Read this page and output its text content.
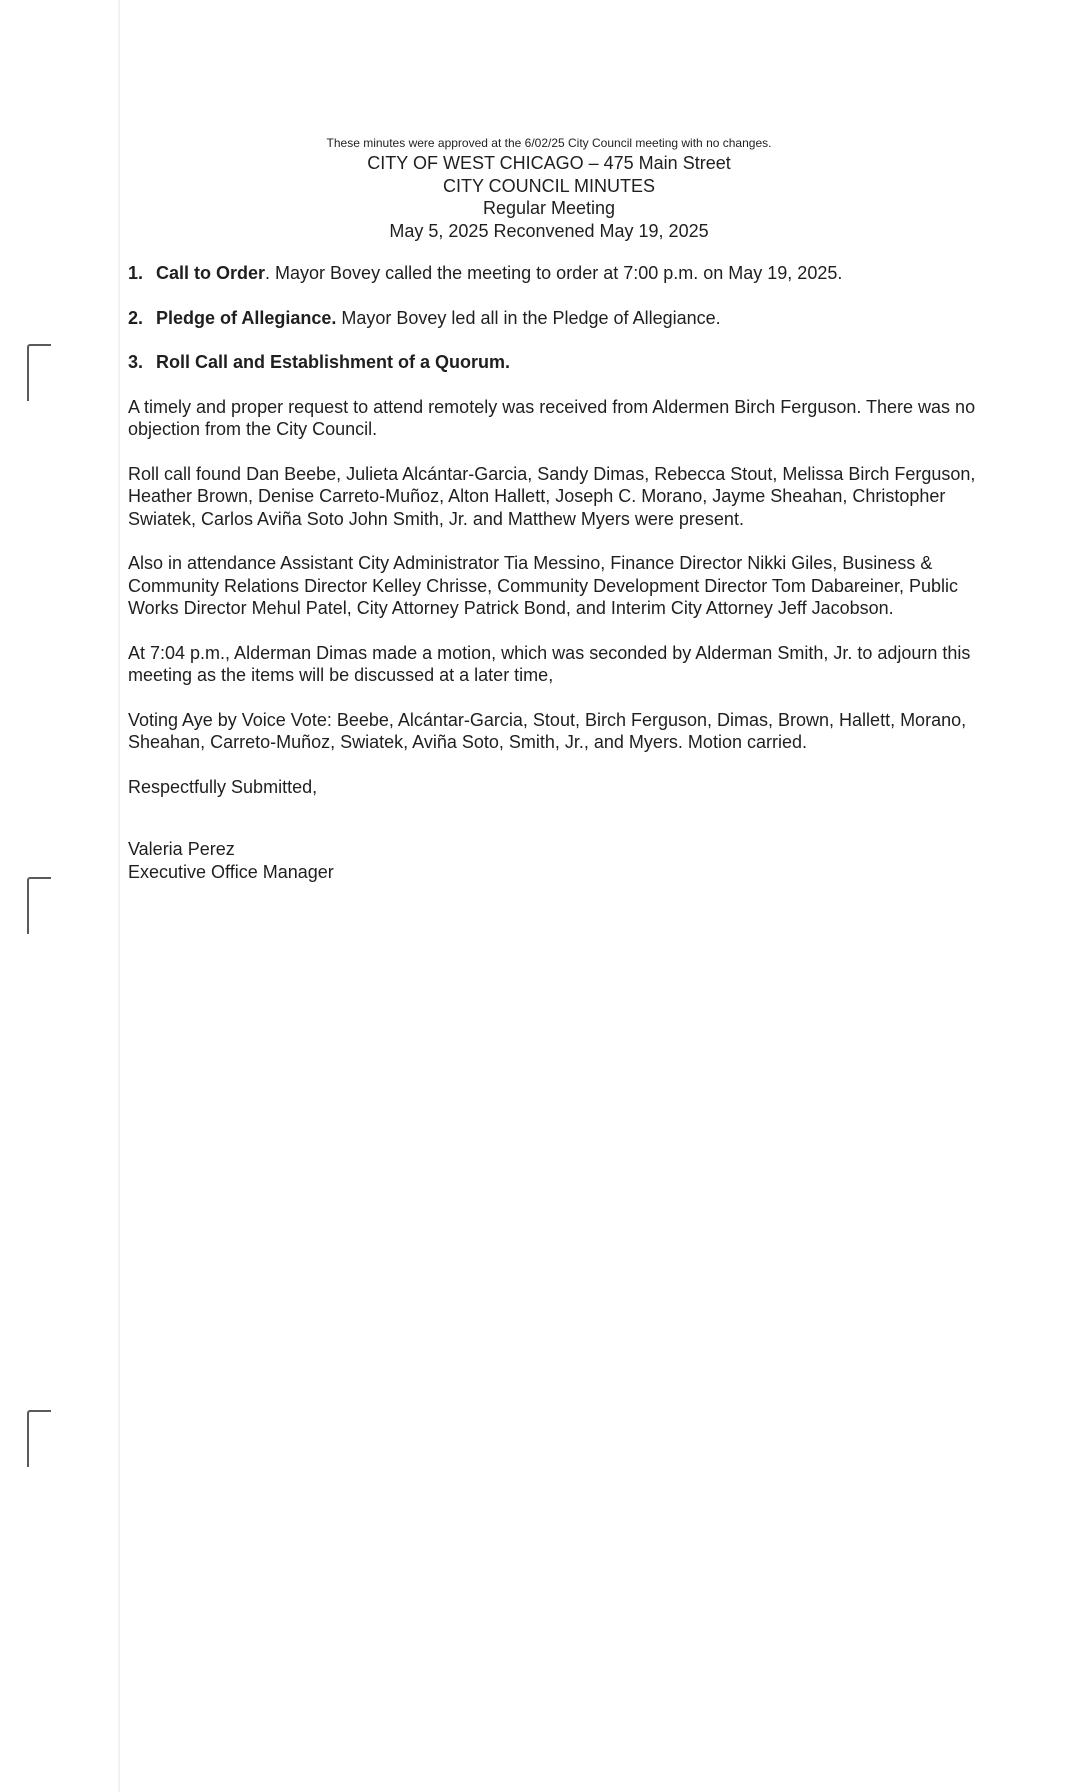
These minutes were approved at the 6/02/25 City Council meeting with no changes.
CITY OF WEST CHICAGO – 475 Main Street
CITY COUNCIL MINUTES
Regular Meeting
May 5, 2025 Reconvened May 19, 2025

1. Call to Order. Mayor Bovey called the meeting to order at 7:00 p.m. on May 19, 2025.

2. Pledge of Allegiance. Mayor Bovey led all in the Pledge of Allegiance.

3. Roll Call and Establishment of a Quorum.

A timely and proper request to attend remotely was received from Aldermen Birch Ferguson. There was no objection from the City Council.

Roll call found Dan Beebe, Julieta Alcántar-Garcia, Sandy Dimas, Rebecca Stout, Melissa Birch Ferguson, Heather Brown, Denise Carreto-Muñoz, Alton Hallett, Joseph C. Morano, Jayme Sheahan, Christopher Swiatek, Carlos Aviña Soto John Smith, Jr. and Matthew Myers were present.

Also in attendance Assistant City Administrator Tia Messino, Finance Director Nikki Giles, Business & Community Relations Director Kelley Chrisse, Community Development Director Tom Dabareiner, Public Works Director Mehul Patel, City Attorney Patrick Bond, and Interim City Attorney Jeff Jacobson.

At 7:04 p.m., Alderman Dimas made a motion, which was seconded by Alderman Smith, Jr. to adjourn this meeting as the items will be discussed at a later time,

Voting Aye by Voice Vote: Beebe, Alcántar-Garcia, Stout, Birch Ferguson, Dimas, Brown, Hallett, Morano, Sheahan, Carreto-Muñoz, Swiatek, Aviña Soto, Smith, Jr., and Myers. Motion carried.

Respectfully Submitted,

Valeria Perez
Executive Office Manager
